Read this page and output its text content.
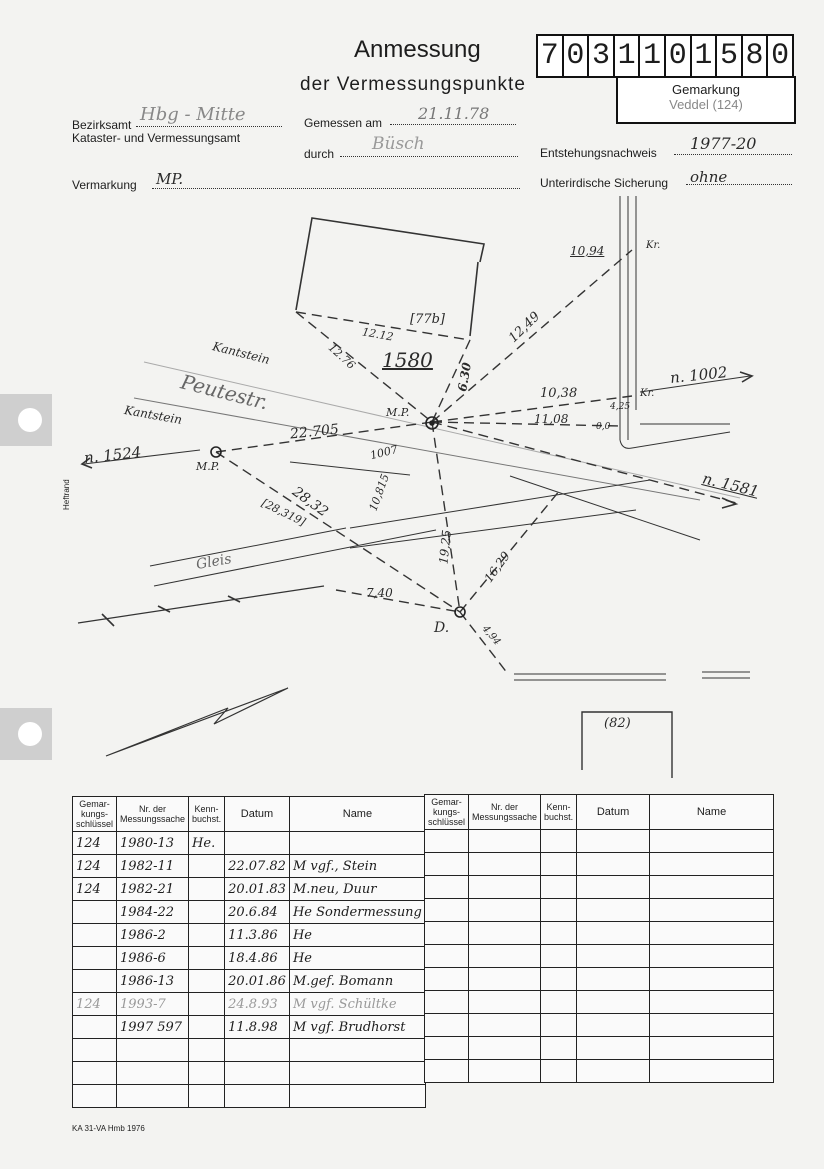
Heftrand
Anmessung
der Vermessungspunkte
7 0 3 1 1 0 1 5 8 0
Gemarkung
Veddel (124)
Bezirksamt Hbg - Mitte
Kataster- und Vermessungsamt
Gemessen am 21.11.78
durch Büsch	Entstehungsnachweis 1977-20
Vermarkung MP.	Unterirdische Sicherung ohne
Kantstein
Kantstein
Peutestr.
1580
[77b]
(82)
Gleis
M.P.
M.P.
D.
Kr.
Kr.
n. 1524
n. 1002
n. 1581
10,94
12,49
10,38
4,25
11,08
0,0
12.12
12.76
6.30
22.705
1007
28,32
[28,319]	10,815
19,25
16,29
7,40
4,94
Gemar-kungs-schlüssel	Nr. der Messungssache	Kenn-buchst.	Datum	Name
124	1980-13	He.		
124	1982-11		22.07.82	M vgf., Stein
124	1982-21		20.01.83	M.neu, Duur
	1984-22		20.6.84	He Sondermessung
	1986-2		11.3.86	He
	1986-6		18.4.86	He
	1986-13		20.01.86	M.gef. Bomann
124	1993-7		24.8.93	M vgf. Schültke
	1997 597		11.8.98	M vgf. Brudhorst

Gemar-kungs-schlüssel	Nr. der Messungssache	Kenn-buchst.	Datum	Name

KA 31-VA Hmb 1976
